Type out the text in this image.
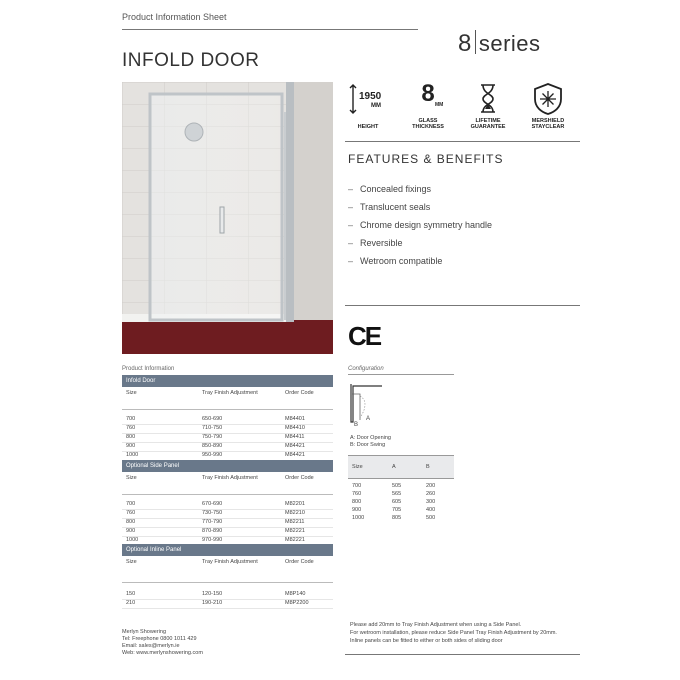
Product Information Sheet
8 series
INFOLD DOOR
1950
MM
HEIGHT
8 MM
GLASS THICKNESS
LIFETIME GUARANTEE
MERSHIELD STAYCLEAR
FEATURES & BENEFITS
– Concealed fixings
– Translucent seals
– Chrome design symmetry handle
– Reversible
– Wetroom compatible
CE
Product Information
Infold Door
Size	Tray Finish Adjustment	Order Code
700	650-690	M84401
760	710-750	M84410
800	750-790	M84411
900	850-890	M84421
1000	950-990	M84421
Optional Side Panel
Size	Tray Finish Adjustment	Order Code
700	670-690	M82201
760	730-750	M82210
800	770-790	M82211
900	870-890	M82221
1000	970-990	M82221
Optional Inline Panel
Size	Tray Finish Adjustment	Order Code
150	120-150	M8P140
210	190-210	M8P2200
Configuration
A
B
A: Door Opening
B: Door Swing
Size	A	B
700	505	200
760	565	260
800	605	300
900	705	400
1000	805	500
Merlyn Showering
Tel: Freephone 0800 1011 429
Email: sales@merlyn.ie
Web: www.merlynshowering.com
Please add 20mm to Tray Finish Adjustment when using a Side Panel.
For wetroom installation, please reduce Side Panel Tray Finish Adjustment by 20mm.
Inline panels can be fitted to either or both sides of sliding door
